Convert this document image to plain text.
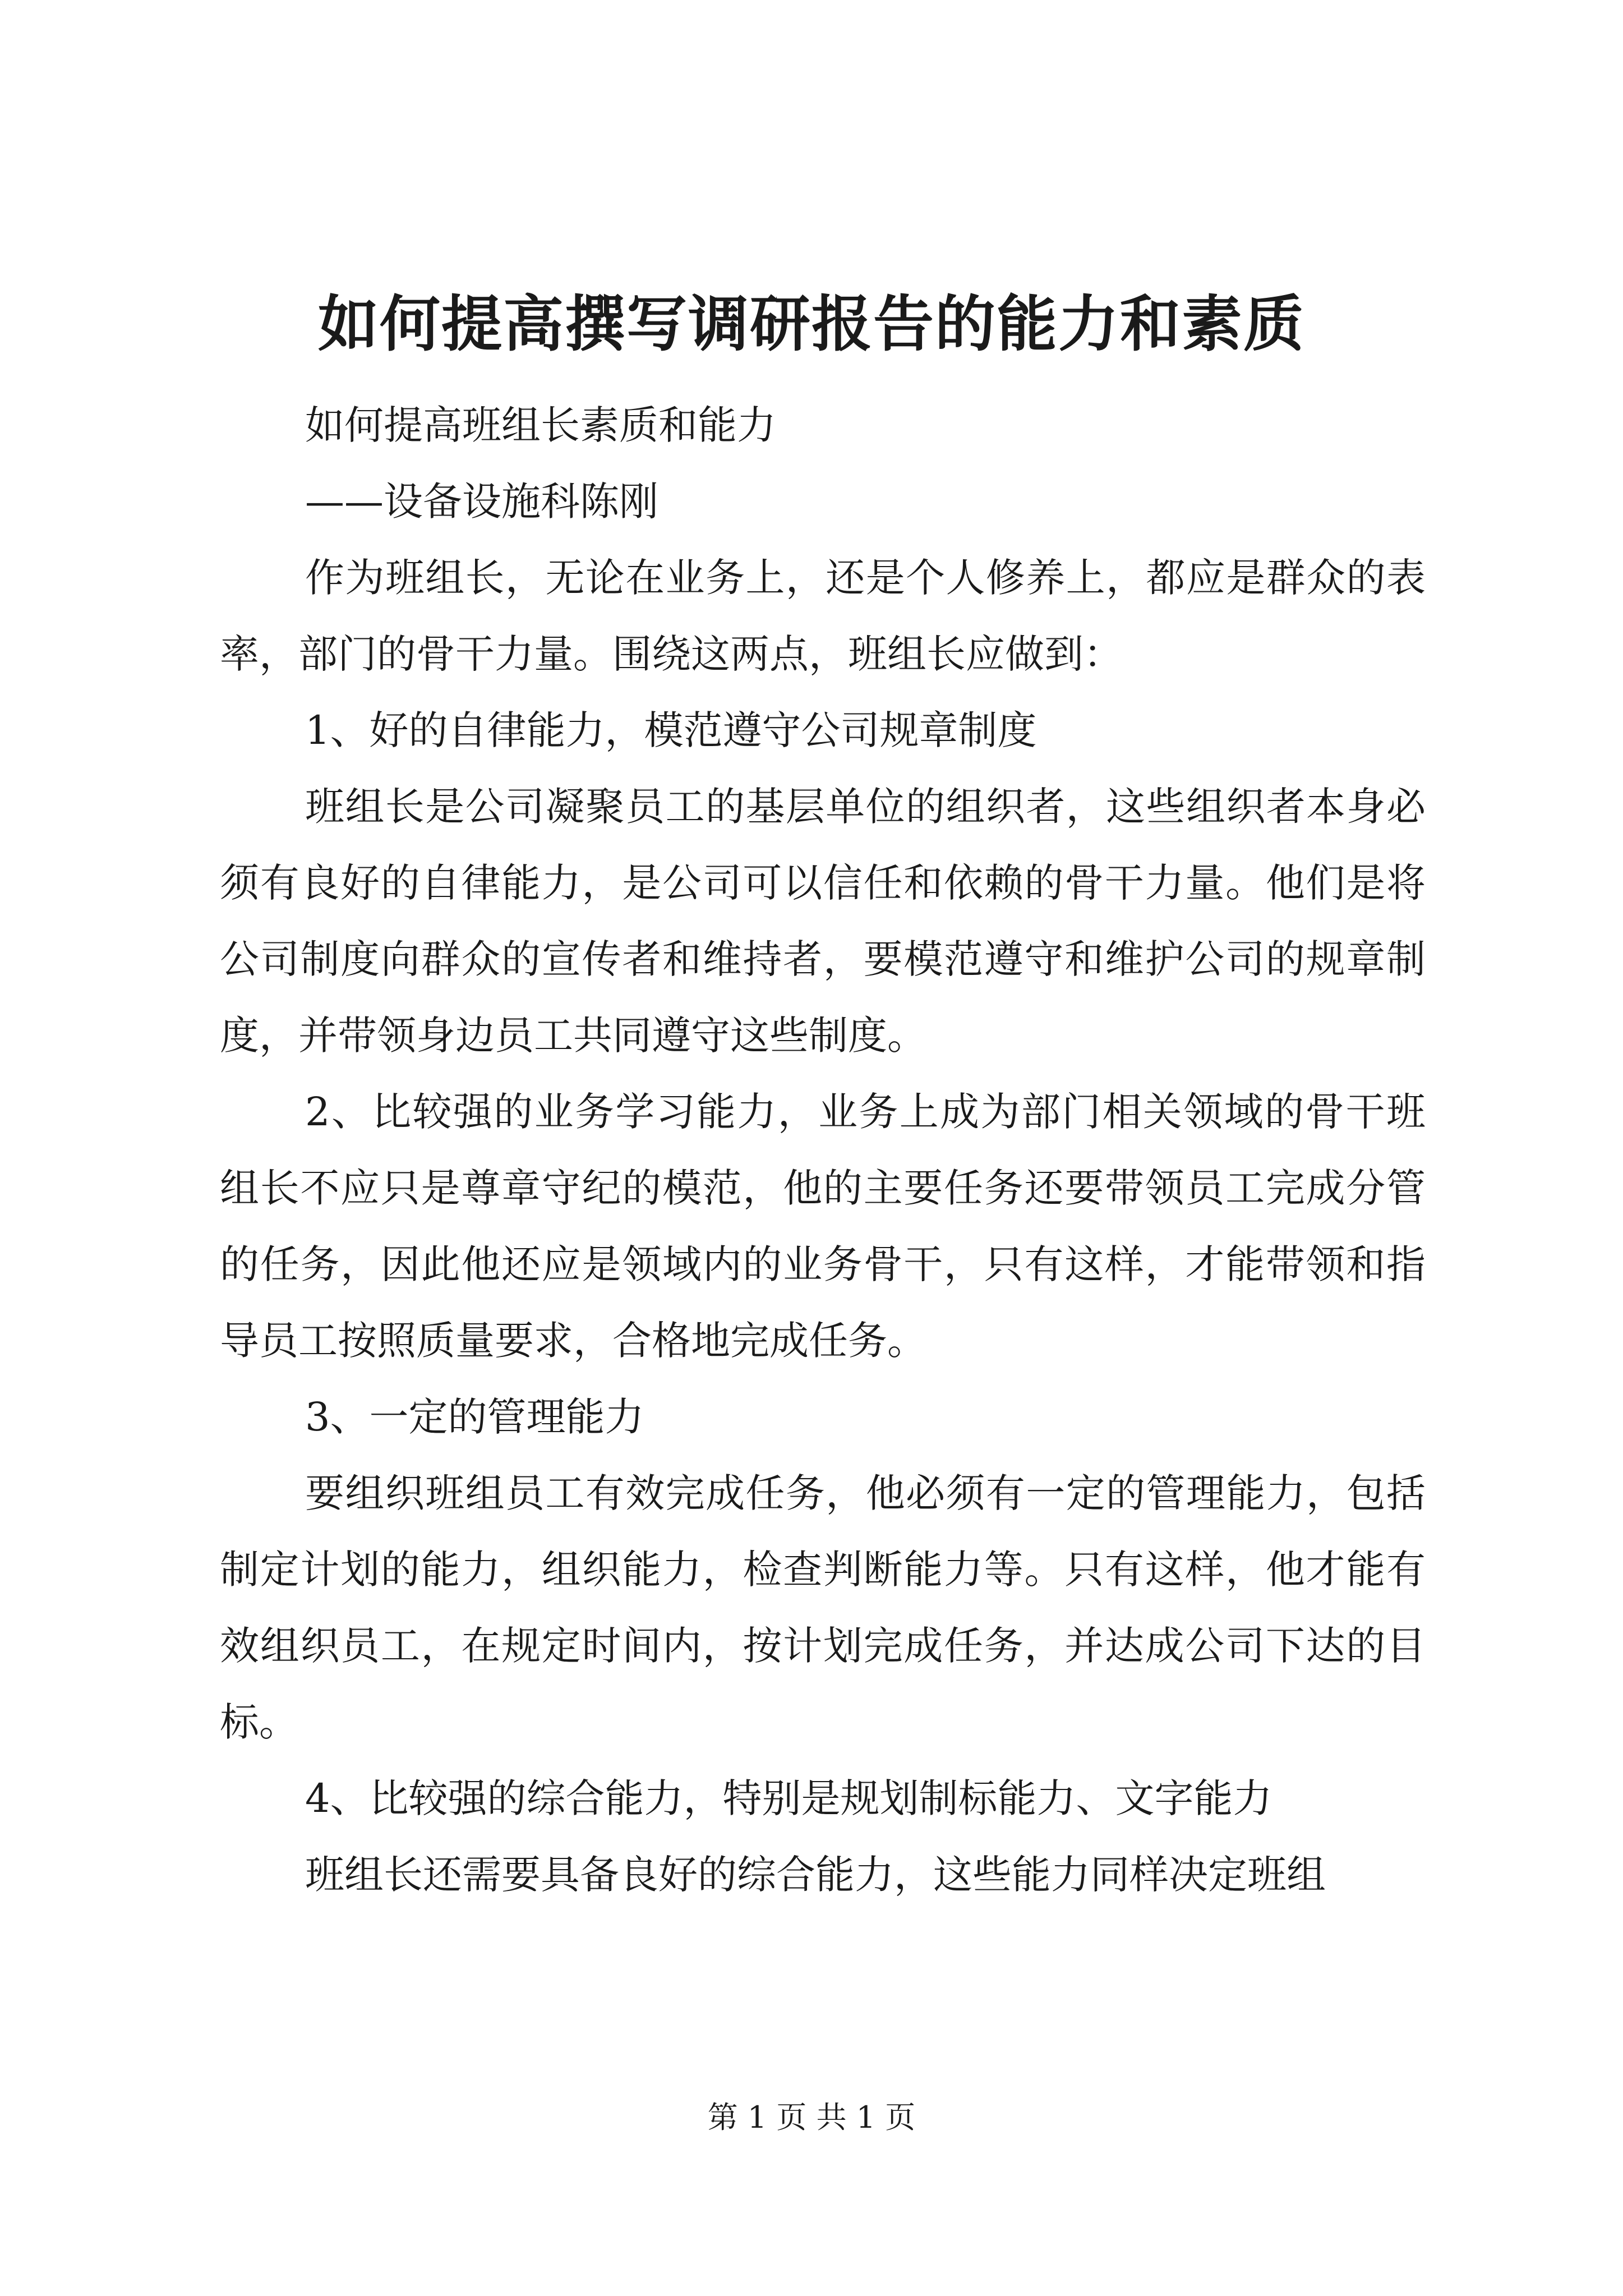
如何提高撰写调研报告的能力和素质

如何提高班组长素质和能力

——设备设施科陈刚

作为班组长，无论在业务上，还是个人修养上，都应是群众的表率，部门的骨干力量。围绕这两点，班组长应做到：

1、好的自律能力，模范遵守公司规章制度

班组长是公司凝聚员工的基层单位的组织者，这些组织者本身必须有良好的自律能力，是公司可以信任和依赖的骨干力量。他们是将公司制度向群众的宣传者和维持者，要模范遵守和维护公司的规章制度，并带领身边员工共同遵守这些制度。

2、比较强的业务学习能力，业务上成为部门相关领域的骨干班组长不应只是尊章守纪的模范，他的主要任务还要带领员工完成分管的任务，因此他还应是领域内的业务骨干，只有这样，才能带领和指导员工按照质量要求，合格地完成任务。

3、一定的管理能力

要组织班组员工有效完成任务，他必须有一定的管理能力，包括制定计划的能力，组织能力，检查判断能力等。只有这样，他才能有效组织员工，在规定时间内，按计划完成任务，并达成公司下达的目标。

4、比较强的综合能力，特别是规划制标能力、文字能力

班组长还需要具备良好的综合能力，这些能力同样决定班组

第 1 页 共 1 页
